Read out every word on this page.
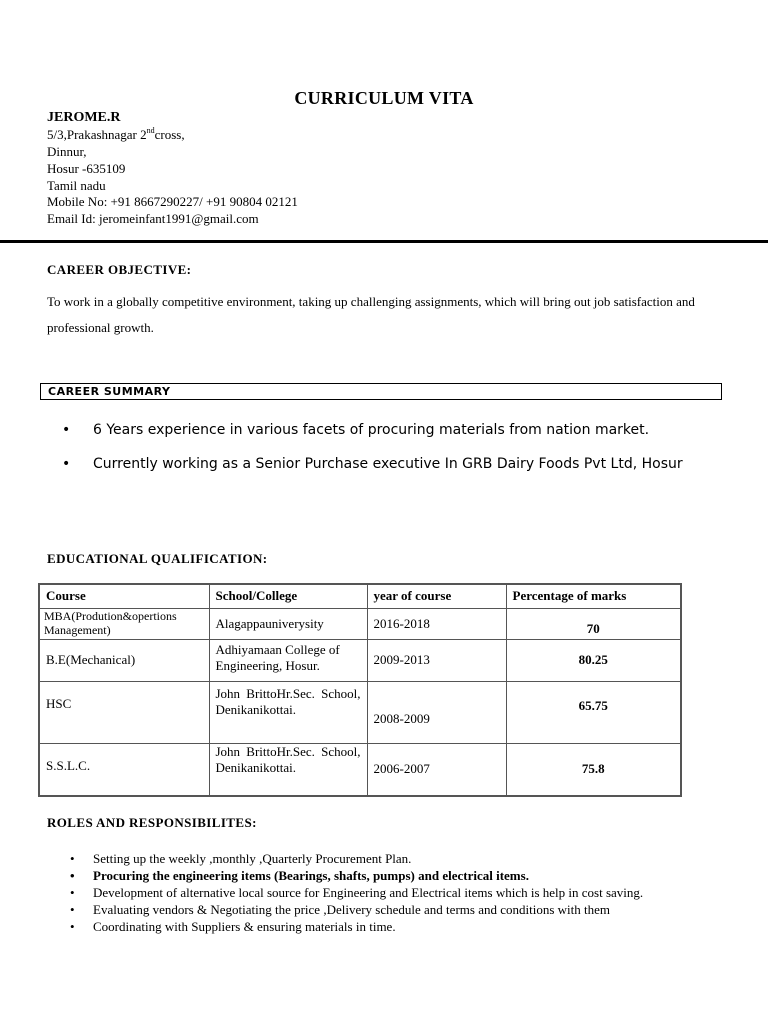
CURRICULUM VITA
JEROME.R
5/3,Prakashnagar 2ndcross,
Dinnur,
Hosur -635109
Tamil nadu
Mobile No: +91 8667290227/ +91 90804 02121
Email Id: jeromeinfant1991@gmail.com
CAREER OBJECTIVE:
To work in a globally competitive environment, taking up challenging assignments, which will bring out job satisfaction and professional growth.
CAREER SUMMARY
• 6 Years experience in various facets of procuring materials from nation market.
• Currently working as a Senior Purchase executive In GRB Dairy Foods Pvt Ltd, Hosur
EDUCATIONAL QUALIFICATION:
Course	School/College	year of course	Percentage of marks
MBA(Prodution&opertions Management)	Alagappauniverysity	2016-2018	70
B.E(Mechanical)	Adhiyamaan College of Engineering, Hosur.	2009-2013	80.25
HSC	John BrittoHr.Sec. School, Denikanikottai.	2008-2009	65.75
S.S.L.C.	John BrittoHr.Sec. School, Denikanikottai.	2006-2007	75.8
ROLES AND RESPONSIBILITES:
• Setting up the weekly ,monthly ,Quarterly Procurement Plan.
• Procuring the engineering items (Bearings, shafts, pumps) and electrical items.
• Development of alternative local source for Engineering and Electrical items which is help in cost saving.
• Evaluating vendors & Negotiating the price ,Delivery schedule and terms and conditions with them
• Coordinating with Suppliers & ensuring materials in time.
